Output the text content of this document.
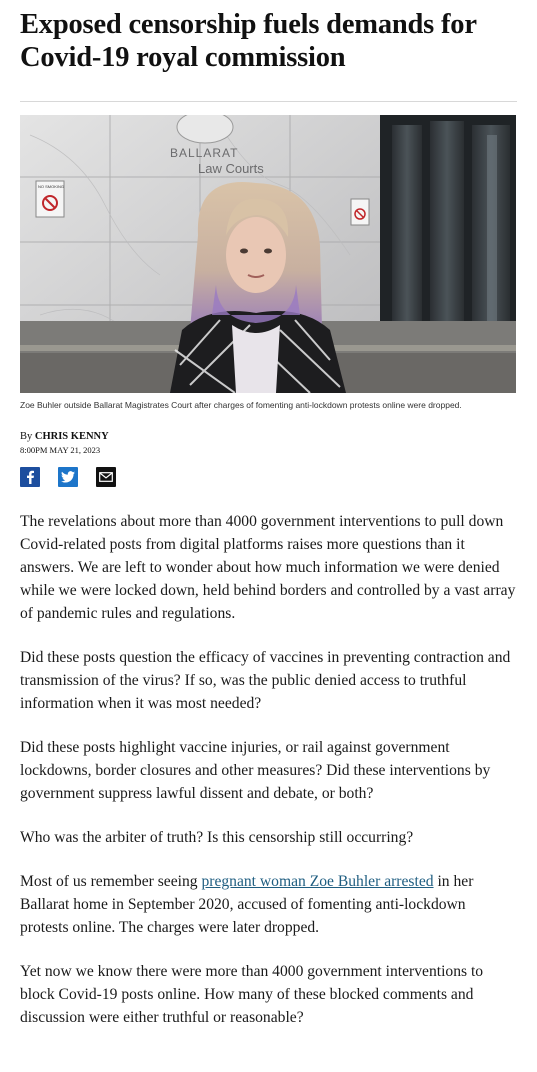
Exposed censorship fuels demands for Covid-19 royal commission
BALLARAT
Law Courts
NO SMOKING
Zoe Buhler outside Ballarat Magistrates Court after charges of fomenting anti-lockdown protests online were dropped.
By CHRIS KENNY
8:00PM MAY 21, 2023

The revelations about more than 4000 government interventions to pull down Covid-related posts from digital platforms raises more questions than it answers. We are left to wonder about how much information we were denied while we were locked down, held behind borders and controlled by a vast array of pandemic rules and regulations.

Did these posts question the efficacy of vaccines in preventing contraction and transmission of the virus? If so, was the public denied access to truthful information when it was most needed?

Did these posts highlight vaccine injuries, or rail against government lockdowns, border closures and other measures? Did these interventions by government suppress lawful dissent and debate, or both?

Who was the arbiter of truth? Is this censorship still occurring?

Most of us remember seeing pregnant woman Zoe Buhler arrested in her Ballarat home in September 2020, accused of fomenting anti-lockdown protests online. The charges were later dropped.

Yet now we know there were more than 4000 government interventions to block Covid-19 posts online. How many of these blocked comments and discussion were either truthful or reasonable?
